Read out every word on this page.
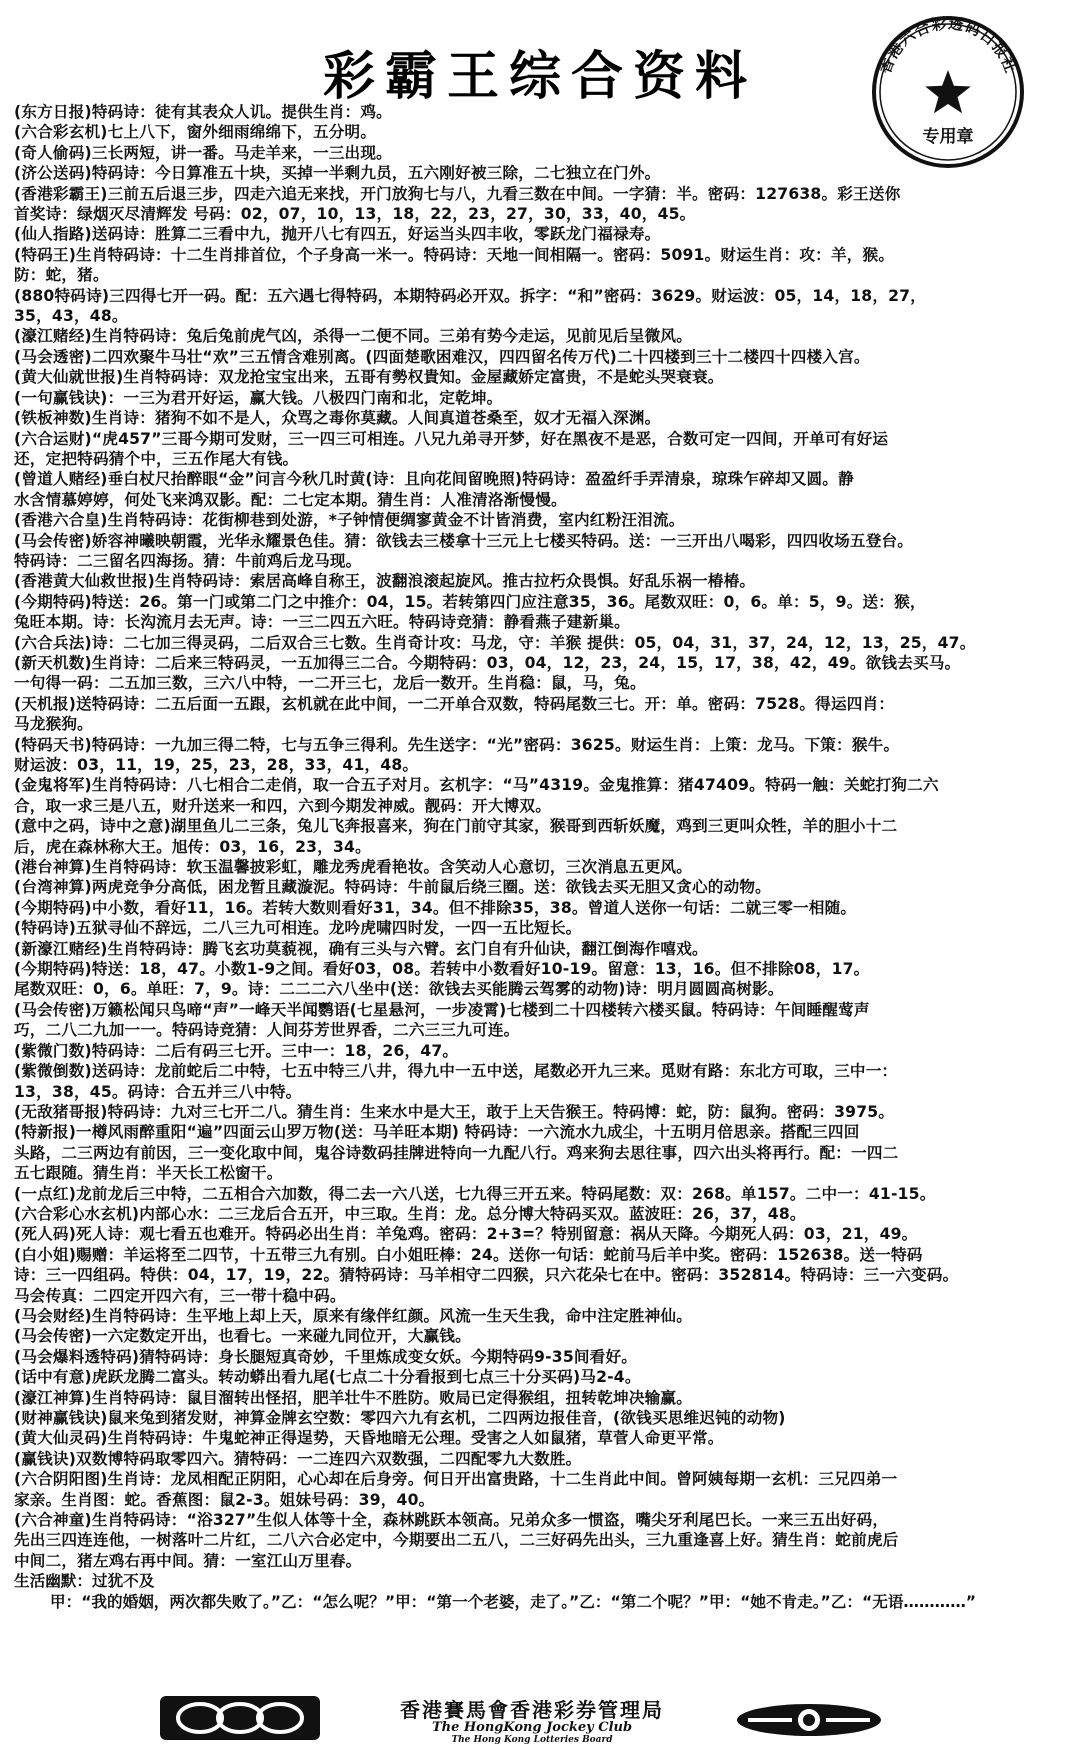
彩霸王综合资料	香港六合彩透码日报社
专用章
(东方日报)特码诗：徒有其表众人讥。提供生肖：鸡。
(六合彩玄机)七上八下，窗外细雨绵绵下，五分明。
(奇人偷码)三长两短，讲一番。马走羊来，一三出现。
(济公送码)特码诗：今日算准五十块，买掉一半剩九员，五六刚好被三除，二七独立在门外。
(香港彩霸王)三前五后退三步，四走六追无来找，开门放狗七与八，九看三数在中间。一字猜：半。密码：127638。彩王送你
首奖诗：绿烟灭尽清辉发 号码：02，07，10，13，18，22，23，27，30，33，40，45。
(仙人指路)送码诗：胜算二三看中九，抛开八七有四五，好运当头四丰收，零跃龙门福禄寿。
(特码王)生肖特码诗：十二生肖排首位，个子身高一米一。特码诗：天地一间相隔一。密码：5091。财运生肖：攻：羊，猴。
防：蛇，猪。
(880特码诗)三四得七开一码。配：五六遇七得特码，本期特码必开双。拆字：“和”密码：3629。财运波：05，14，18，27，
35，43，48。
(濠江赌经)生肖特码诗：兔后兔前虎气凶，杀得一二便不同。三弟有势今走运，见前见后呈微风。
(马会透密)二四欢聚牛马壮“欢”三五情含难别离。(四面楚歌困难汉，四四留名传万代)二十四楼到三十二楼四十四楼入宫。
(黄大仙就世报)生肖特码诗：双龙抢宝宝出来，五哥有勢权貴知。金屋藏娇定富贵，不是蛇头哭衰衰。
(一句赢钱诀)：一三为君开好运，赢大钱。八极四门南和北，定乾坤。
(铁板神数)生肖诗：猪狗不如不是人，众骂之毒你莫藏。人间真道苍桑至，奴才无福入深渊。
(六合运财)“虎457”三哥今期可发财，三一四三可相连。八兄九弟寻开梦，好在黑夜不是恶，合数可定一四间，开单可有好运
还，定把特码猜个中，三五作尾大有钱。
(曾道人赌经)垂白杖尺抬醉眼“金”问言今秋几时黄(诗：且向花间留晚照)特码诗：盈盈纤手弄清泉，琼珠乍碎却又圆。静
水含情慕婷婷，何处飞来鸿双影。配：二七定本期。猜生肖：人准清洛渐慢慢。
(香港六合皇)生肖特码诗：花街柳巷到处游，*子钟情便绸寥黄金不计皆消费，室内红粉汪泪流。
(马会传密)娇容神曦映朝霞，光华永耀景色佳。猜：欲钱去三楼拿十三元上七楼买特码。送：一三开出八喝彩，四四收场五登台。
特码诗：二三留名四海扬。猜：牛前鸡后龙马现。
(香港黄大仙救世报)生肖特码诗：索居高峰自称王，波翻浪滚起旋风。推古拉朽众畏惧。好乱乐祸一椿椿。
(今期特码)特送：26。第一门或第二门之中推介：04，15。若转第四门应注意35，36。尾数双旺：0，6。单：5，9。送：猴，
兔旺本期。诗：长沟流月去无声。诗：一三二四五六旺。特码诗竞猜：静看燕子建新巢。
(六合兵法)诗：二七加三得灵码，二后双合三七数。生肖奇计攻：马龙，守：羊猴 提供：05，04，31，37，24，12，13，25，47。
(新天机数)生肖诗：二后来三特码灵，一五加得三二合。今期特码：03，04，12，23，24，15，17，38，42，49。欲钱去买马。
一句得一码：二五加三数，三六八中特，一二开三七，龙后一数开。生肖稳：鼠，马，兔。
(天机报)送特码诗：二五后面一五跟，玄机就在此中间，一二开单合双数，特码尾数三七。开：单。密码：7528。得运四肖：
马龙猴狗。
(特码天书)特码诗：一九加三得二特，七与五争三得利。先生送字：“光”密码：3625。财运生肖：上策：龙马。下策：猴牛。
财运波：03，11，19，25，23，28，33，41，48。
(金鬼将军)生肖特码诗：八七相合二走俏，取一合五子对月。玄机字：“马”4319。金鬼推算：猪47409。特码一触：关蛇打狗二六
合，取一求三是八五，财升送来一和四，六到今期发神威。靓码：开大博双。
(意中之码，诗中之意)湖里鱼儿二三条，兔儿飞奔报喜来，狗在门前守其家，猴哥到西斩妖魔，鸡到三更叫众牲，羊的胆小十二
后，虎在森林称大王。旭传：03，16，23，34。
(港台神算)生肖特码诗：软玉温馨披彩虹，雕龙秀虎看艳妆。含笑动人心意切，三次消息五更风。
(台湾神算)两虎竞争分高低，困龙暂且藏漩泥。特码诗：牛前鼠后绕三圈。送：欲钱去买无胆又贪心的动物。
(今期特码)中小数，看好11，16。若转大数则看好31，34。但不排除35，38。曾道人送你一句话：二就三零一相随。
(特码诗)五狱寻仙不辞远，二八三九可相连。龙吟虎啸四时发，一四一五比短长。
(新濠江赌经)生肖特码诗：腾飞玄功莫藐视，确有三头与六臂。玄门自有升仙诀，翻江倒海作嘻戏。
(今期特码)特送：18，47。小数1-9之间。看好03，08。若转中小数看好10-19。留意：13，16。但不排除08，17。
尾数双旺：0，6。单旺：7，9。诗：二二二六八坐中(送：欲钱去买能腾云驾雾的动物)诗：明月圆圆高树影。
(马会传密)万籁松闻只鸟啼“声”一峰天半闻鹦语(七星悬河，一步凌霄)七楼到二十四楼转六楼买鼠。特码诗：午间睡醒莺声
巧，二八二九加一一。特码诗竞猜：人间芬芳世界香，二六三三九可连。
(紫微门数)特码诗：二后有码三七开。三中一：18，26，47。
(紫微倒数)送码诗：龙前蛇后二中特，七五中特三八井，得九中一五中送，尾数必开九三来。觅财有路：东北方可取，三中一：
13，38，45。码诗：合五并三八中特。
(无敌猪哥报)特码诗：九对三七开二八。猜生肖：生来水中是大王，敢于上天告猴王。特码博：蛇，防：鼠狗。密码：3975。
(特新报)一樽风雨醉重阳“遍”四面云山罗万物(送：马羊旺本期) 特码诗：一六流水九成尘，十五明月倍思亲。搭配三四回
头路，二三两边有前因，三一变化取中间，鬼谷诗数码挂牌进特向一九配八行。鸡来狗去思往事，四六出头将再行。配：一四二
五七跟随。猜生肖：半天长工松窗干。
(一点红)龙前龙后三中特，二五相合六加数，得二去一六八送，七九得三开五来。特码尾数：双：268。单157。二中一：41-15。
(六合彩心水玄机)内部心水：二三龙后合五开，中三取。生肖：龙。总分博大特码买双。蓝波旺：26，37，48。
(死人码)死人诗：观七看五也难开。特码必出生肖：羊兔鸡。密码：2+3=？特别留意：祸从天降。今期死人码：03，21，49。
(白小姐)赐赠：羊运将至二四节，十五带三九有别。白小姐旺棒：24。送你一句话：蛇前马后羊中奖。密码：152638。送一特码
诗：三一四组码。特供：04，17，19，22。猜特码诗：马羊相守二四猴，只六花朵七在中。密码：352814。特码诗：三一六变码。
马会传真：二四定开四六有，三一带十稳中码。
(马会财经)生肖特码诗：生平地上却上天，原来有缘伴红颜。风流一生天生我，命中注定胜神仙。
(马会传密)一六定数定开出，也看七。一来碰九同位开，大赢钱。
(马会爆料透特码)猜特码诗：身长腿短真奇妙，千里炼成变女妖。今期特码9-35间看好。
(话中有意)虎跃龙腾二富头。转动蟒出看九尾(七点二十分看报到七点三十分买码)马2-4。
(濠江神算)生肖特码诗：鼠目溜转出怪招，肥羊壮牛不胜防。败局已定得猴组，扭转乾坤决输赢。
(财神赢钱诀)鼠来兔到猪发财，神算金牌玄空数：零四六九有玄机，二四两边报佳音，(欲钱买思维迟钝的动物)
(黄大仙灵码)生肖特码诗：牛鬼蛇神正得逞势，天昏地暗无公理。受害之人如鼠猪，草菅人命更平常。
(赢钱诀)双数博特码取零四六。猜特码：一二连四六双数强，二四配零九大数胜。
(六合阴阳图)生肖诗：龙凤相配正阴阳，心心却在后身旁。何日开出富贵路，十二生肖此中间。曾阿姨每期一玄机：三兄四弟一
家亲。生肖图：蛇。香蕉图：鼠2-3。姐妹号码：39，40。
(六合神童)生肖特码诗：“浴327”生似人体等十全，森林跳跃本领高。兄弟众多一惯盗，嘴尖牙利尾巴长。一来三五出好码，
先出三四连连他，一树落叶二片红，二八六合必定中，今期要出二五八，二三好码先出头，三九重逢喜上好。猜生肖：蛇前虎后
中间二，猪左鸡右再中间。猜：一室江山万里春。
生活幽默：过犹不及
甲：“我的婚姻，两次都失败了。”乙：“怎么呢？”甲：“第一个老婆，走了。”乙：“第二个呢？”甲：“她不肯走。”乙：“无语…………”
香港賽馬會香港彩券管理局
The HongKong Jockey Club
The Hong Kong Lotteries Board
